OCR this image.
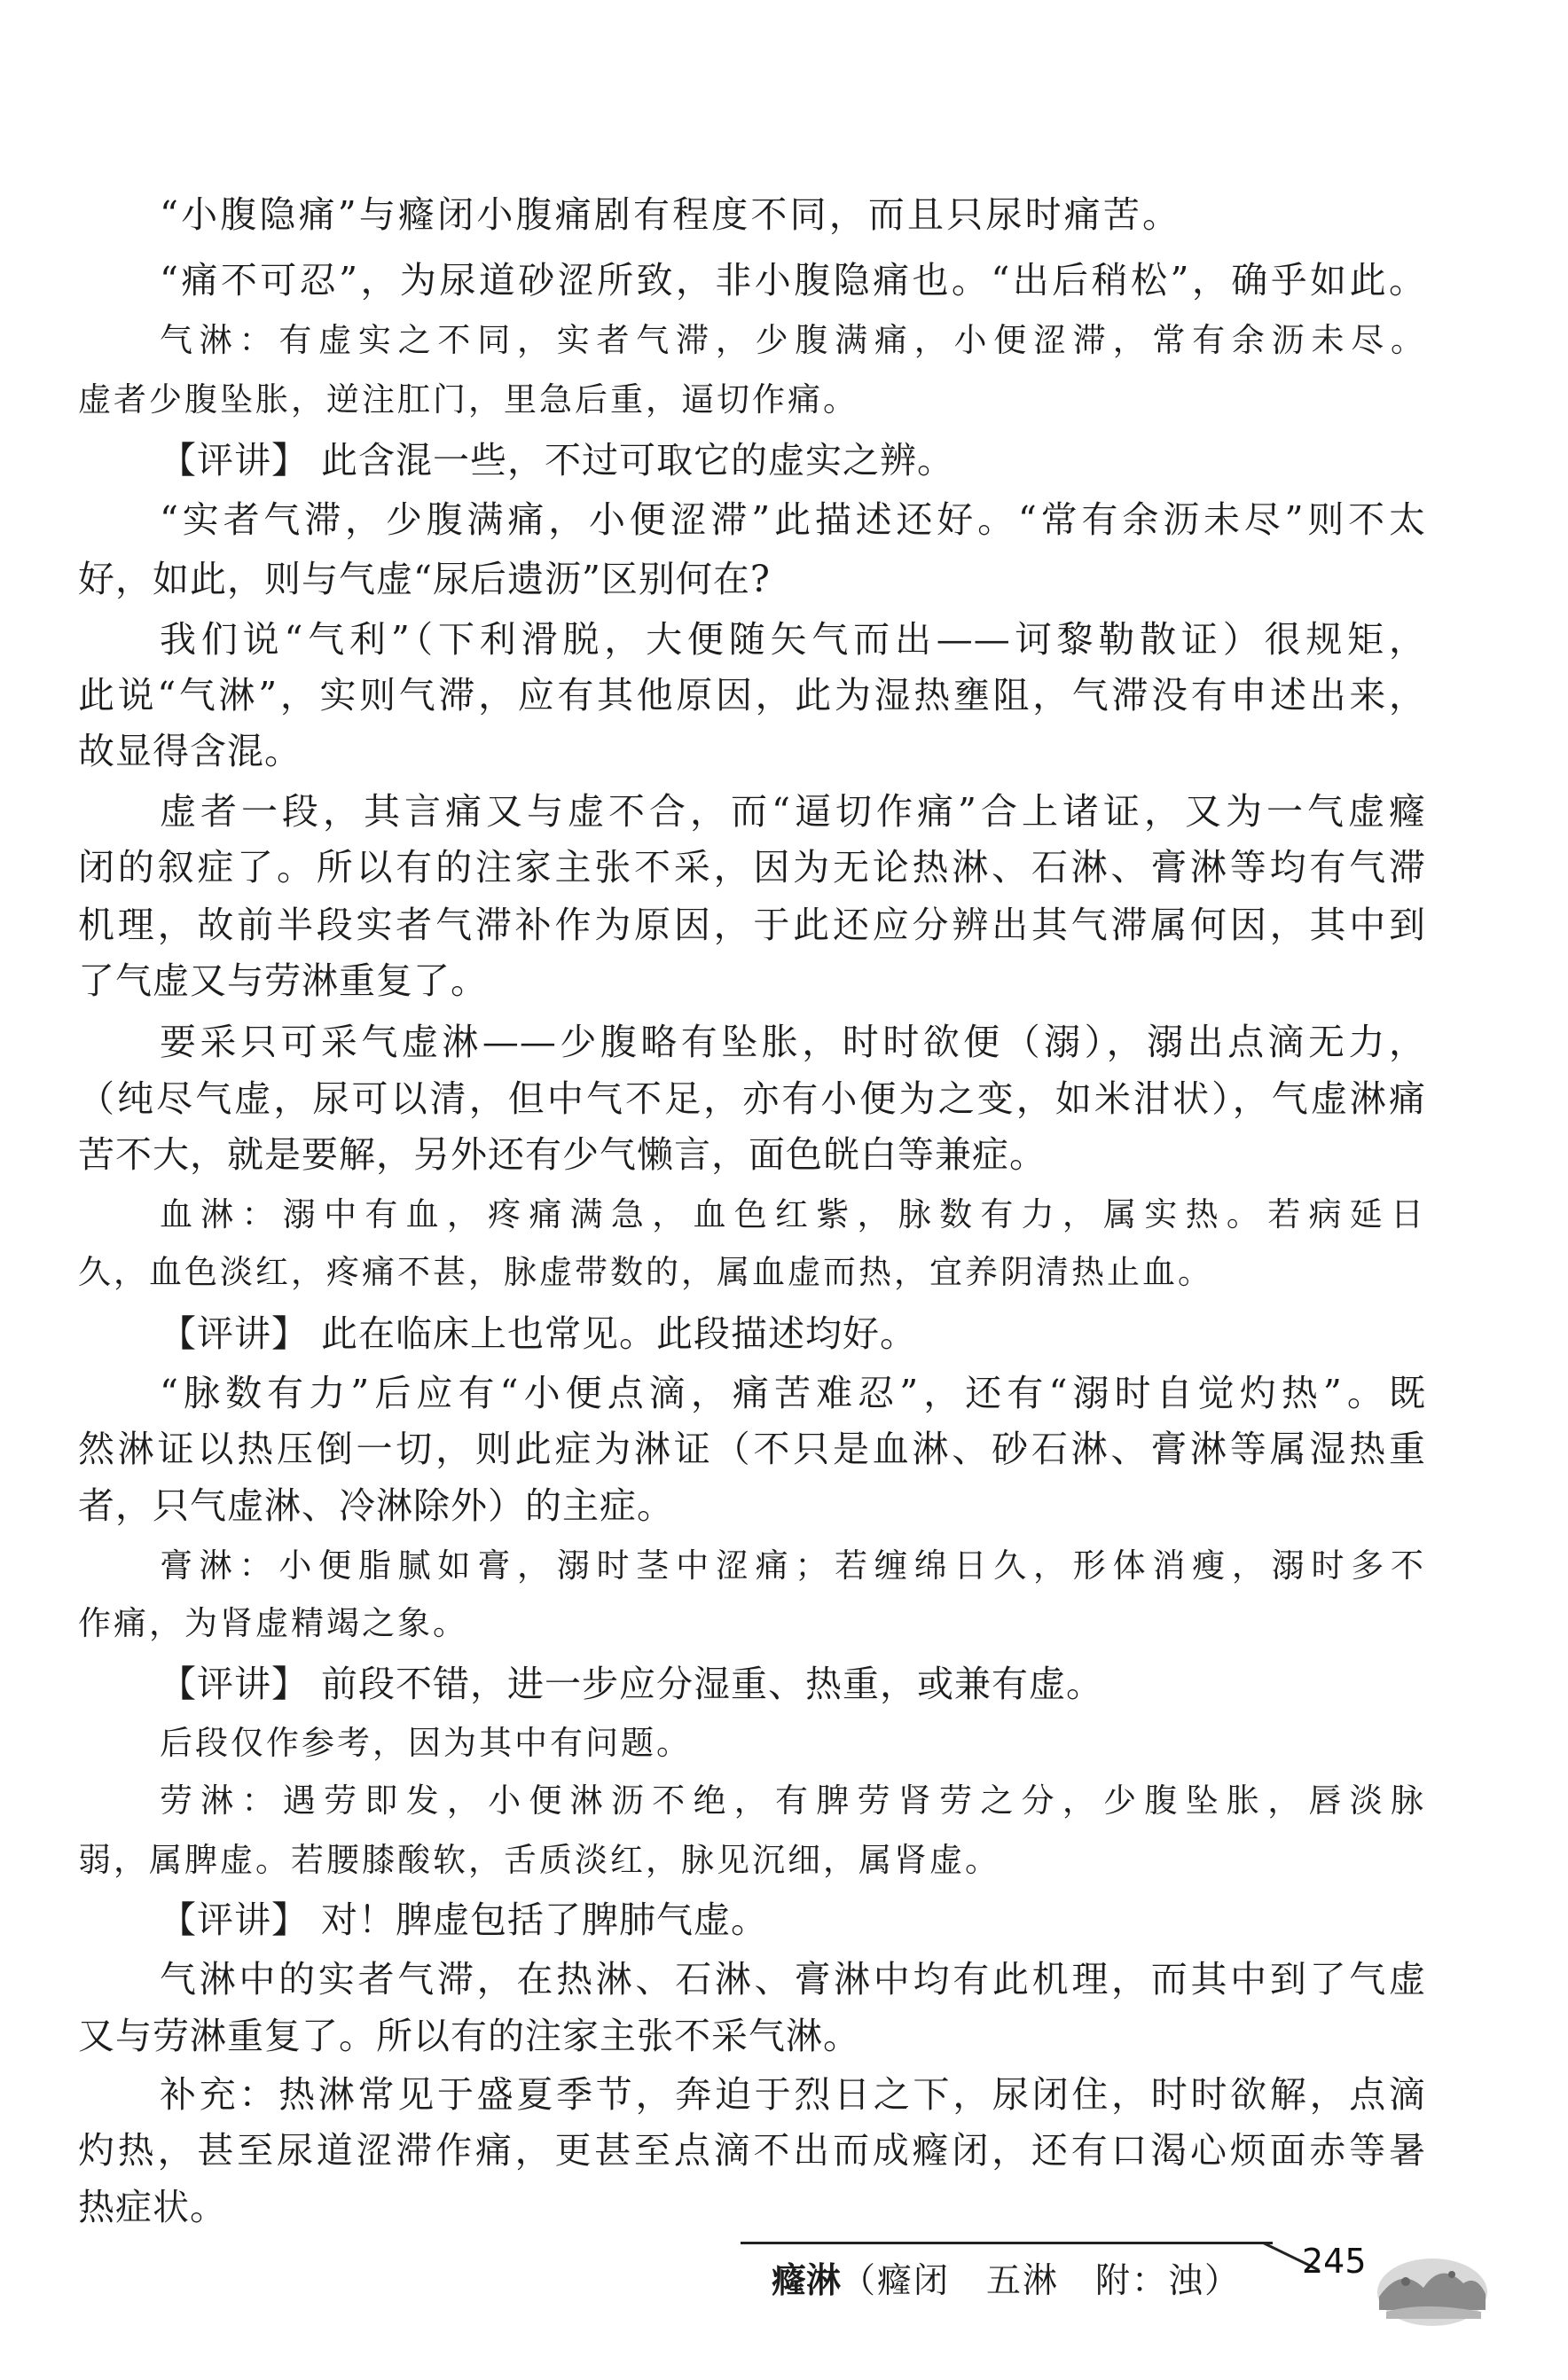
“小腹隐痛”与癃闭小腹痛剧有程度不同，而且只尿时痛苦。
“痛不可忍”，为尿道砂涩所致，非小腹隐痛也。“出后稍松”，确乎如此。
气淋：有虚实之不同，实者气滞，少腹满痛，小便涩滞，常有余沥未尽。
虚者少腹坠胀，逆注肛门，里急后重，逼切作痛。
【评讲】 此含混一些，不过可取它的虚实之辨。
“实者气滞，少腹满痛，小便涩滞”此描述还好。“常有余沥未尽”则不太
好，如此，则与气虚“尿后遗沥”区别何在?
我们说“气利”（下利滑脱，大便随矢气而出——诃黎勒散证）很规矩，
此说“气淋”，实则气滞，应有其他原因，此为湿热壅阻，气滞没有申述出来，
故显得含混。
虚者一段，其言痛又与虚不合，而“逼切作痛”合上诸证，又为一气虚癃
闭的叙症了。所以有的注家主张不采，因为无论热淋、石淋、膏淋等均有气滞
机理，故前半段实者气滞补作为原因，于此还应分辨出其气滞属何因，其中到
了气虚又与劳淋重复了。
要采只可采气虚淋——少腹略有坠胀，时时欲便（溺），溺出点滴无力，
（纯尽气虚，尿可以清，但中气不足，亦有小便为之变，如米泔状），气虚淋痛
苦不大，就是要解，另外还有少气懒言，面色㿠白等兼症。
血淋：溺中有血，疼痛满急，血色红紫，脉数有力，属实热。若病延日
久，血色淡红，疼痛不甚，脉虚带数的，属血虚而热，宜养阴清热止血。
【评讲】 此在临床上也常见。此段描述均好。
“脉数有力”后应有“小便点滴，痛苦难忍”，还有“溺时自觉灼热”。既
然淋证以热压倒一切，则此症为淋证（不只是血淋、砂石淋、膏淋等属湿热重
者，只气虚淋、冷淋除外）的主症。
膏淋：小便脂腻如膏，溺时茎中涩痛；若缠绵日久，形体消瘦，溺时多不
作痛，为肾虚精竭之象。
【评讲】 前段不错，进一步应分湿重、热重，或兼有虚。
后段仅作参考，因为其中有问题。
劳淋：遇劳即发，小便淋沥不绝，有脾劳肾劳之分，少腹坠胀，唇淡脉
弱，属脾虚。若腰膝酸软，舌质淡红，脉见沉细，属肾虚。
【评讲】 对！脾虚包括了脾肺气虚。
气淋中的实者气滞，在热淋、石淋、膏淋中均有此机理，而其中到了气虚
又与劳淋重复了。所以有的注家主张不采气淋。
补充：热淋常见于盛夏季节，奔迫于烈日之下，尿闭住，时时欲解，点滴
灼热，甚至尿道涩滞作痛，更甚至点滴不出而成癃闭，还有口渴心烦面赤等暑
热症状。
癃淋（癃闭　五淋　附：浊） 245
